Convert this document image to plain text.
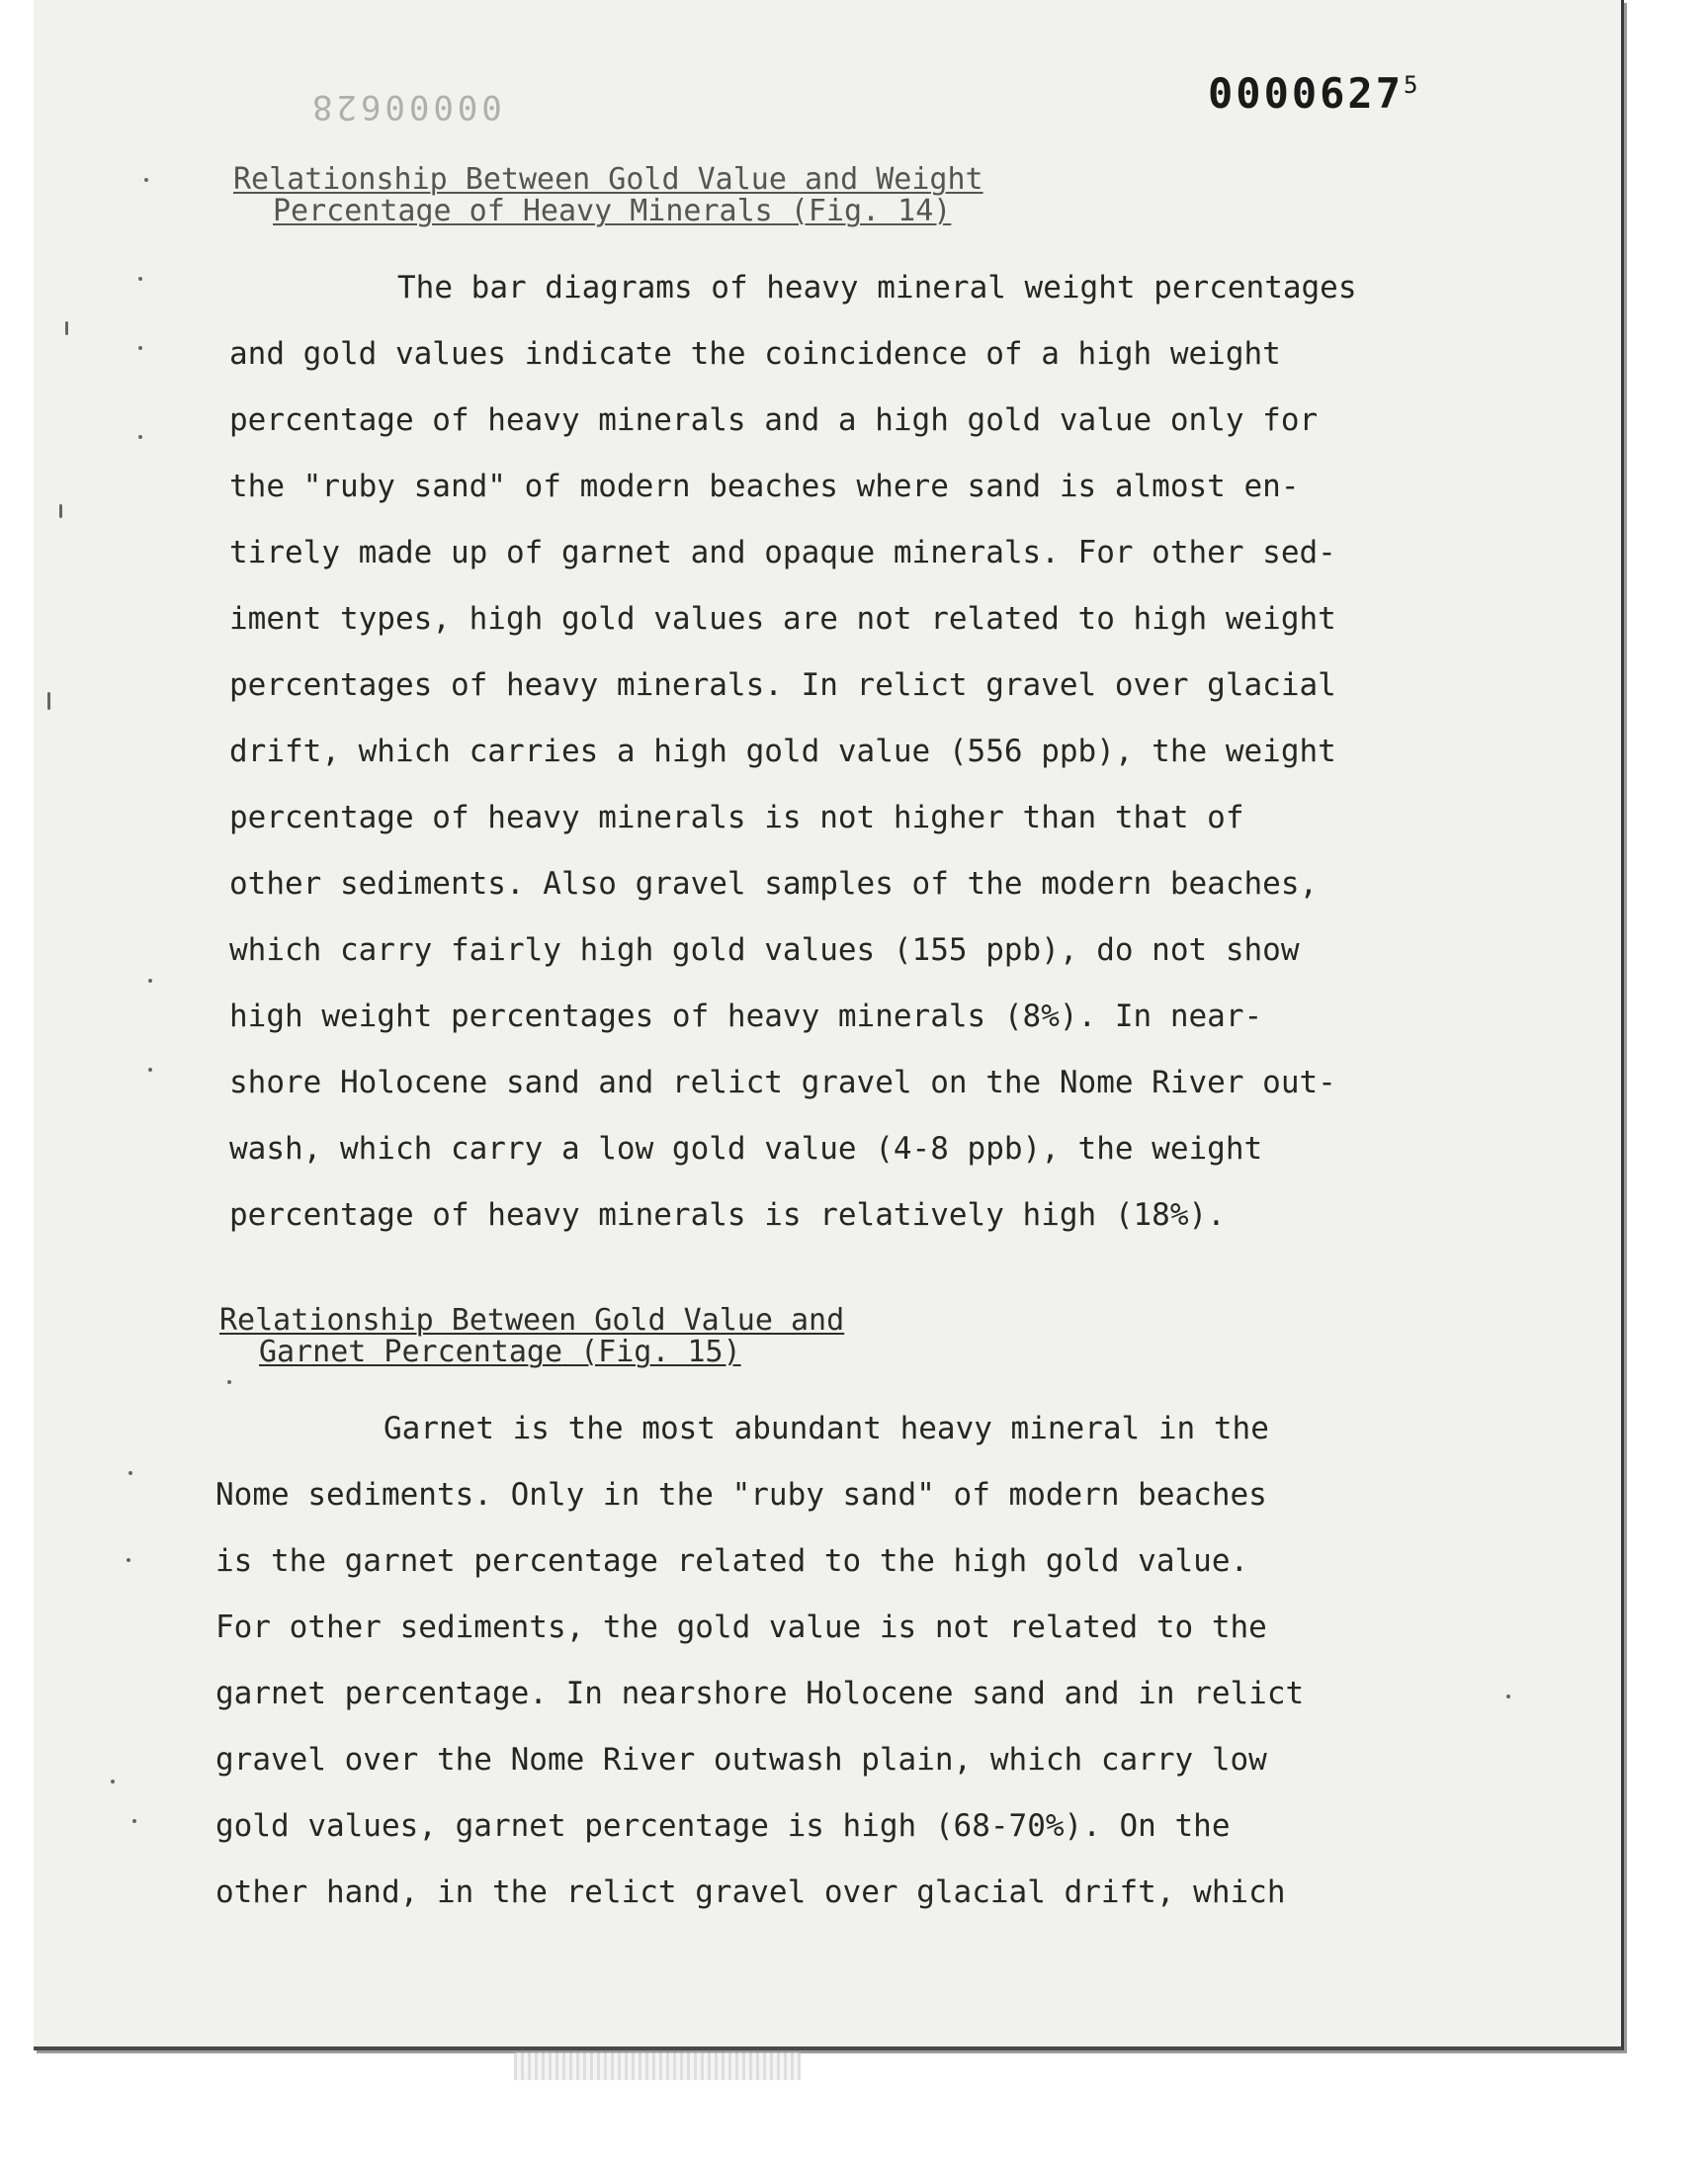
0000627$^5$
00000628
Relationship Between Gold Value and Weight
Percentage of Heavy Minerals (Fig. 14)
The bar diagrams of heavy mineral weight percentages
and gold values indicate the coincidence of a high weight
percentage of heavy minerals and a high gold value only for
the "ruby sand" of modern beaches where sand is almost en-
tirely made up of garnet and opaque minerals. For other sed-
iment types, high gold values are not related to high weight
percentages of heavy minerals. In relict gravel over glacial
drift, which carries a high gold value (556 ppb), the weight
percentage of heavy minerals is not higher than that of
other sediments. Also gravel samples of the modern beaches,
which carry fairly high gold values (155 ppb), do not show
high weight percentages of heavy minerals (8%). In near-
shore Holocene sand and relict gravel on the Nome River out-
wash, which carry a low gold value (4-8 ppb), the weight
percentage of heavy minerals is relatively high (18%).
Relationship Between Gold Value and
Garnet Percentage (Fig. 15)
Garnet is the most abundant heavy mineral in the
Nome sediments. Only in the "ruby sand" of modern beaches
is the garnet percentage related to the high gold value.
For other sediments, the gold value is not related to the
garnet percentage. In nearshore Holocene sand and in relict
gravel over the Nome River outwash plain, which carry low
gold values, garnet percentage is high (68-70%). On the
other hand, in the relict gravel over glacial drift, which
